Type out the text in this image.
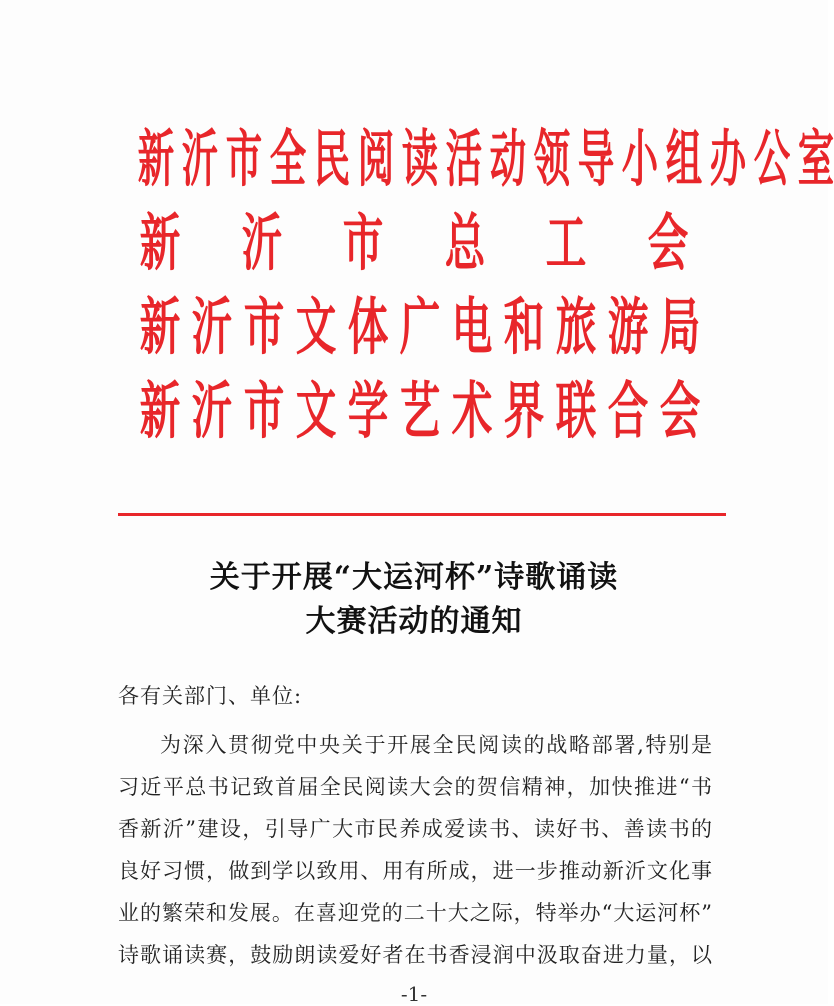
新 沂 市 全 民 阅 读 活 动 领 导 小 组 办 公 室
新 沂 市 总 工 会
新 沂 市 文 体 广 电 和 旅 游 局
新 沂 市 文 学 艺 术 界 联 合 会
关于开展“大运河杯”诗歌诵读
大赛活动的通知
各有关部门、单位:
为深入贯彻党中央关于开展全民阅读的战略部署,特别是
习近平总书记致首届全民阅读大会的贺信精神，加快推进“书
香新沂”建设，引导广大市民养成爱读书、读好书、善读书的
良好习惯，做到学以致用、用有所成，进一步推动新沂文化事
业的繁荣和发展。在喜迎党的二十大之际，特举办“大运河杯”
诗歌诵读赛，鼓励朗读爱好者在书香浸润中汲取奋进力量，以
-1-
